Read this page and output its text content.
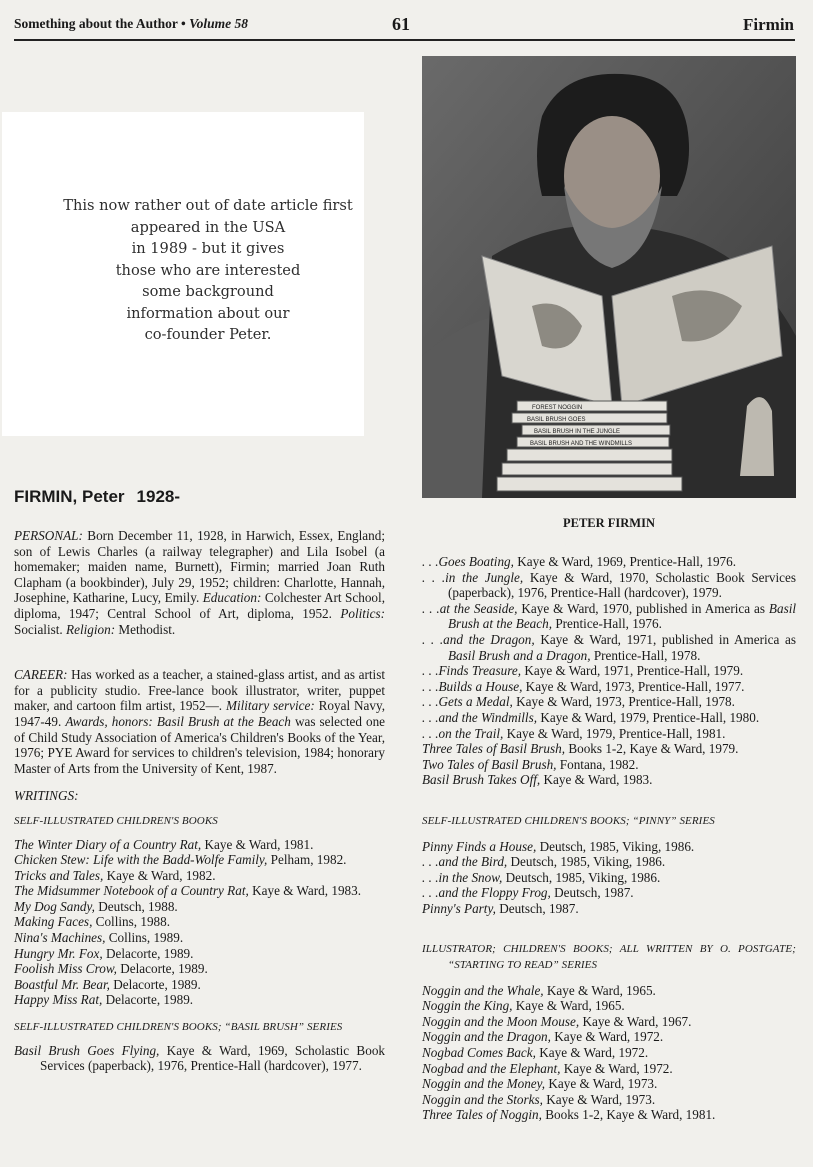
Something about the Author • Volume 58	61	Firmin
This now rather out of date article first
appeared in the USA
in 1989 - but it gives
those who are interested
some background
information about our
co-founder Peter.
FOREST NOGGIN
BASIL BRUSH GOES
BASIL BRUSH IN THE JUNGLE
BASIL BRUSH AND THE WINDMILLS
PETER FIRMIN
FIRMIN, Peter 1928-

PERSONAL: Born December 11, 1928, in Harwich, Essex, England; son of Lewis Charles (a railway telegrapher) and Lila Isobel (a homemaker; maiden name, Burnett), Firmin; married Joan Ruth Clapham (a bookbinder), July 29, 1952; children: Charlotte, Hannah, Josephine, Katharine, Lucy, Emily. Education: Colchester Art School, diploma, 1947; Central School of Art, diploma, 1952. Politics: Socialist. Religion: Methodist.

CAREER: Has worked as a teacher, a stained-glass artist, and as artist for a publicity studio. Free-lance book illustrator, writer, puppet maker, and cartoon film artist, 1952—. Military service: Royal Navy, 1947-49. Awards, honors: Basil Brush at the Beach was selected one of Child Study Association of America's Children's Books of the Year, 1976; PYE Award for services to children's television, 1984; honorary Master of Arts from the University of Kent, 1987.

WRITINGS:

SELF-ILLUSTRATED CHILDREN'S BOOKS

The Winter Diary of a Country Rat, Kaye & Ward, 1981.
Chicken Stew: Life with the Badd-Wolfe Family, Pelham, 1982.
Tricks and Tales, Kaye & Ward, 1982.
The Midsummer Notebook of a Country Rat, Kaye & Ward, 1983.
My Dog Sandy, Deutsch, 1988.
Making Faces, Collins, 1988.
Nina's Machines, Collins, 1989.
Hungry Mr. Fox, Delacorte, 1989.
Foolish Miss Crow, Delacorte, 1989.
Boastful Mr. Bear, Delacorte, 1989.
Happy Miss Rat, Delacorte, 1989.

SELF-ILLUSTRATED CHILDREN'S BOOKS; “BASIL BRUSH” SERIES

Basil Brush Goes Flying, Kaye & Ward, 1969, Scholastic Book Services (paperback), 1976, Prentice-Hall (hardcover), 1977.
. . .Goes Boating, Kaye & Ward, 1969, Prentice-Hall, 1976.
. . .in the Jungle, Kaye & Ward, 1970, Scholastic Book Services (paperback), 1976, Prentice-Hall (hardcover), 1979.
. . .at the Seaside, Kaye & Ward, 1970, published in America as Basil Brush at the Beach, Prentice-Hall, 1976.
. . .and the Dragon, Kaye & Ward, 1971, published in America as Basil Brush and a Dragon, Prentice-Hall, 1978.
. . .Finds Treasure, Kaye & Ward, 1971, Prentice-Hall, 1979.
. . .Builds a House, Kaye & Ward, 1973, Prentice-Hall, 1977.
. . .Gets a Medal, Kaye & Ward, 1973, Prentice-Hall, 1978.
. . .and the Windmills, Kaye & Ward, 1979, Prentice-Hall, 1980.
. . .on the Trail, Kaye & Ward, 1979, Prentice-Hall, 1981.
Three Tales of Basil Brush, Books 1-2, Kaye & Ward, 1979.
Two Tales of Basil Brush, Fontana, 1982.
Basil Brush Takes Off, Kaye & Ward, 1983.

SELF-ILLUSTRATED CHILDREN'S BOOKS; “PINNY” SERIES

Pinny Finds a House, Deutsch, 1985, Viking, 1986.
. . .and the Bird, Deutsch, 1985, Viking, 1986.
. . .in the Snow, Deutsch, 1985, Viking, 1986.
. . .and the Floppy Frog, Deutsch, 1987.
Pinny's Party, Deutsch, 1987.

ILLUSTRATOR; CHILDREN'S BOOKS; ALL WRITTEN BY O. POSTGATE; “STARTING TO READ” SERIES

Noggin and the Whale, Kaye & Ward, 1965.
Noggin the King, Kaye & Ward, 1965.
Noggin and the Moon Mouse, Kaye & Ward, 1967.
Noggin and the Dragon, Kaye & Ward, 1972.
Nogbad Comes Back, Kaye & Ward, 1972.
Nogbad and the Elephant, Kaye & Ward, 1972.
Noggin and the Money, Kaye & Ward, 1973.
Noggin and the Storks, Kaye & Ward, 1973.
Three Tales of Noggin, Books 1-2, Kaye & Ward, 1981.
